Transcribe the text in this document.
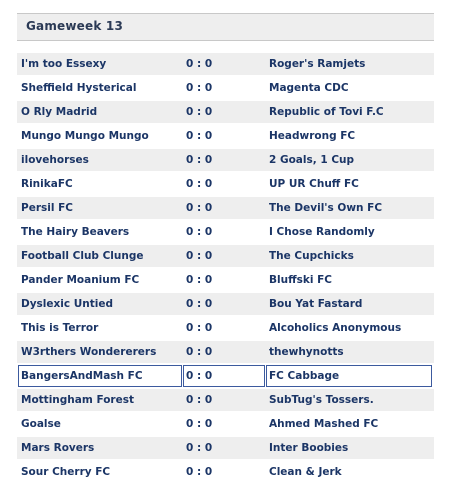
Gameweek 13
I'm too Essexy	0 : 0	Roger's Ramjets
Sheffield Hysterical	0 : 0	Magenta CDC
O Rly Madrid	0 : 0	Republic of Tovi F.C
Mungo Mungo Mungo	0 : 0	Headwrong FC
ilovehorses	0 : 0	2 Goals, 1 Cup
RinikaFC	0 : 0	UP UR Chuff FC
Persil FC	0 : 0	The Devil's Own FC
The Hairy Beavers	0 : 0	I Chose Randomly
Football Club Clunge	0 : 0	The Cupchicks
Pander Moanium FC	0 : 0	Bluffski FC
Dyslexic Untied	0 : 0	Bou Yat Fastard
This is Terror	0 : 0	Alcoholics Anonymous
W3rthers Wondererers	0 : 0	thewhynotts
BangersAndMash FC	0 : 0	FC Cabbage
Mottingham Forest	0 : 0	SubTug's Tossers.
Goalse	0 : 0	Ahmed Mashed FC
Mars Rovers	0 : 0	Inter Boobies
Sour Cherry FC	0 : 0	Clean & Jerk
